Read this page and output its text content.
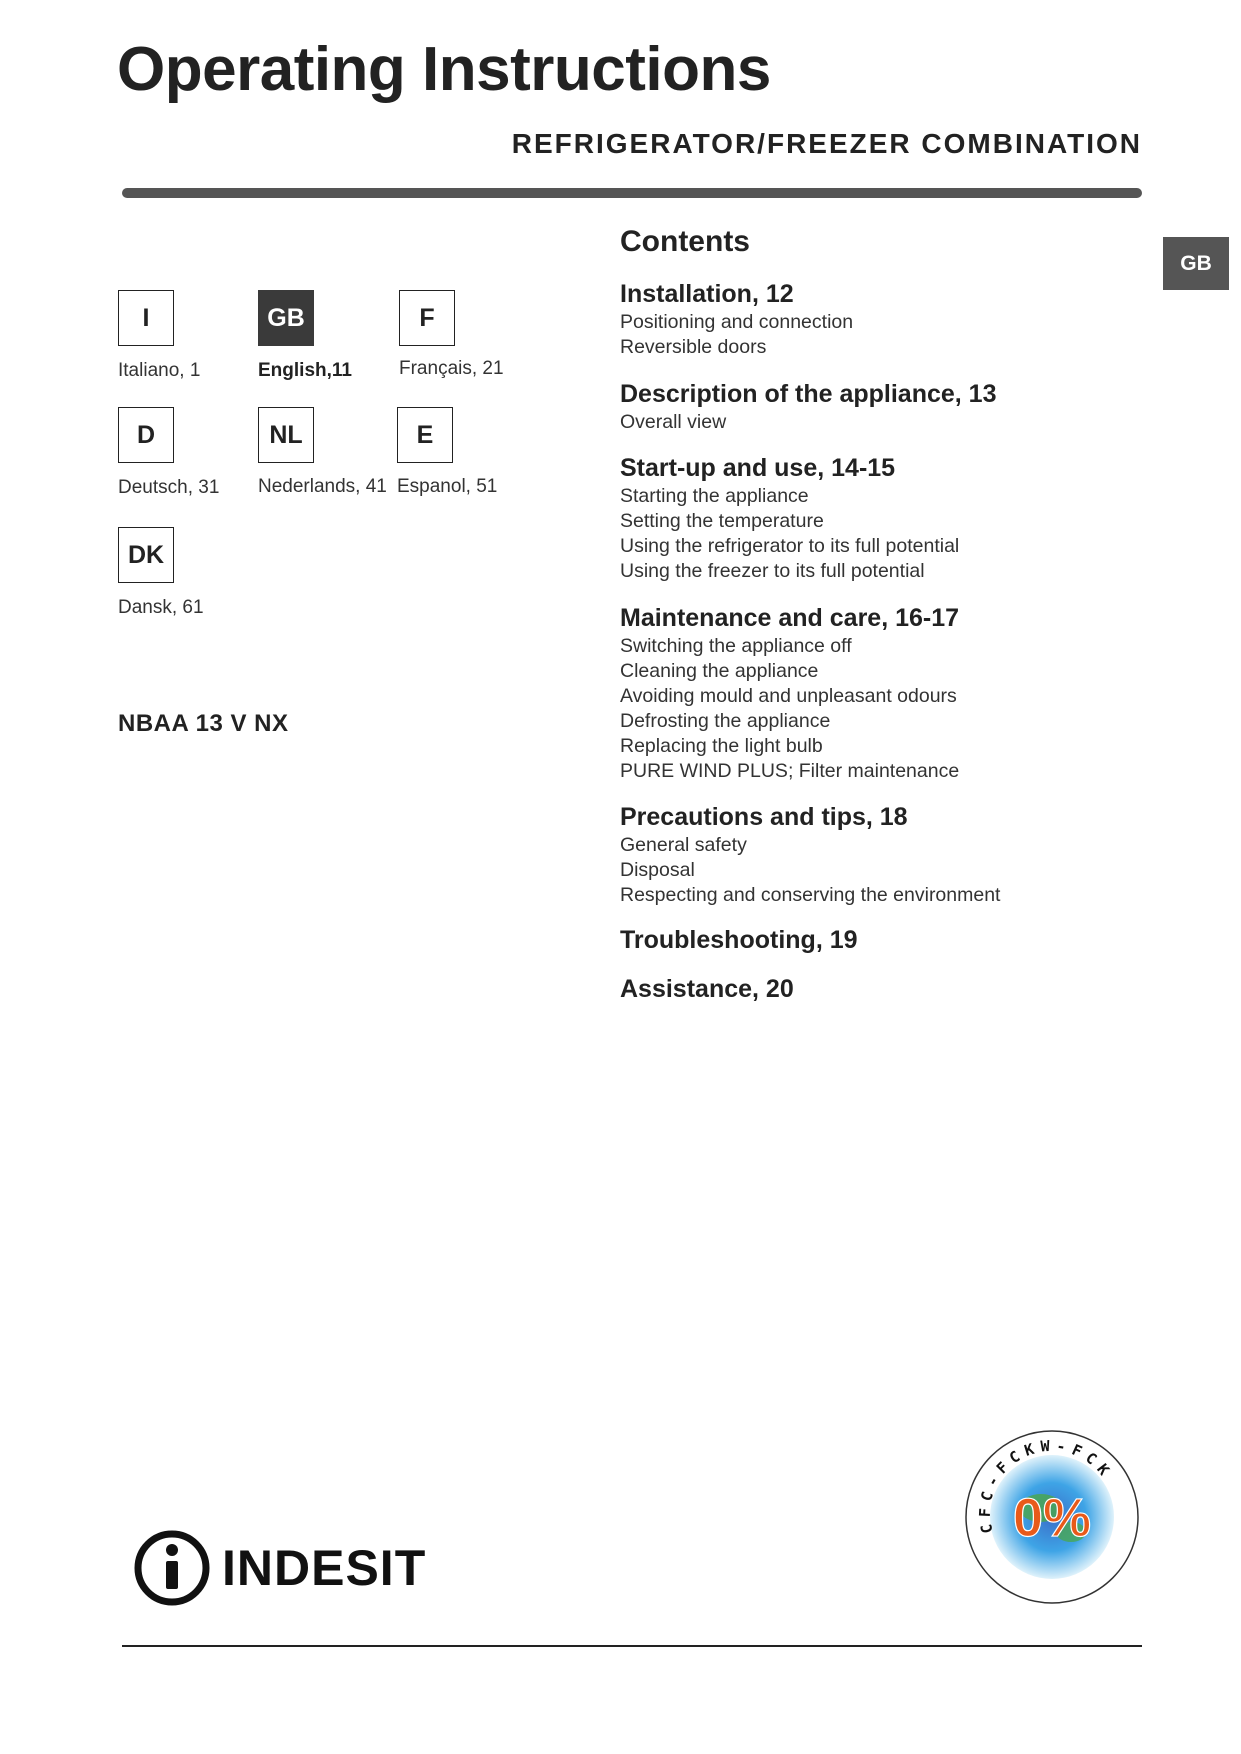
Operating Instructions
REFRIGERATOR/FREEZER COMBINATION
GB
I
Italiano, 1
GB
English,11
F
Français, 21
D
Deutsch, 31
NL
Nederlands, 41
E
Espanol, 51
DK
Dansk, 61
NBAA 13 V NX
Contents
Installation, 12
Positioning and connection
Reversible doors
Description of the appliance, 13
Overall view
Start-up and use, 14-15
Starting the appliance
Setting the temperature
Using the refrigerator to its full potential
Using the freezer to its full potential
Maintenance and care, 16-17
Switching the appliance off
Cleaning the appliance
Avoiding mould and unpleasant odours
Defrosting the appliance
Replacing the light bulb
PURE WIND PLUS; Filter maintenance
Precautions and tips, 18
General safety
Disposal
Respecting and conserving the environment
Troubleshooting, 19
Assistance, 20
INDESIT
CFC-FCKW-FCK
0%
